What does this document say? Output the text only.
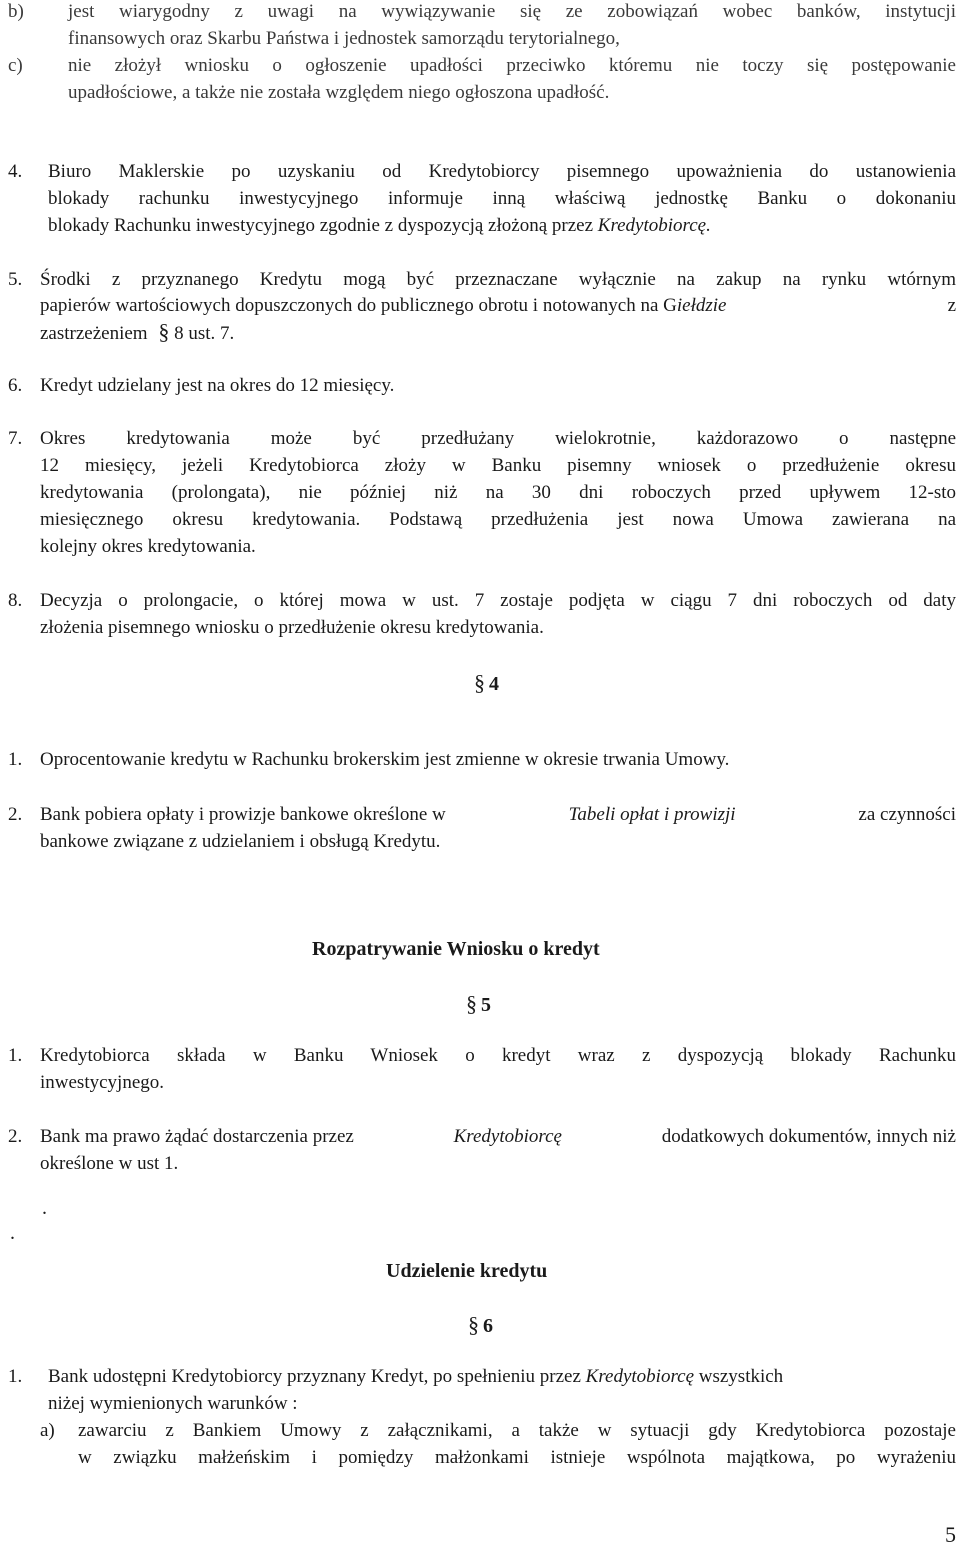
b) jest wiarygodny z uwagi na wywiązywanie się ze zobowiązań wobec banków, instytucji
finansowych oraz Skarbu Państwa i jednostek samorządu terytorialnego,
c) nie złożył wniosku o ogłoszenie upadłości przeciwko któremu nie toczy się postępowanie
upadłościowe, a także nie została względem niego ogłoszona upadłość.
4. Biuro Maklerskie po uzyskaniu od Kredytobiorcy pisemnego upoważnienia do ustanowienia
blokady rachunku inwestycyjnego informuje inną właściwą jednostkę Banku o dokonaniu
blokady Rachunku inwestycyjnego zgodnie z dyspozycją złożoną przez Kredytobiorcę.
5. Środki z przyznanego Kredytu mogą być przeznaczane wyłącznie na zakup na rynku wtórnym
papierów wartościowych dopuszczonych do publicznego obrotu i notowanych na Giełdzie	z
zastrzeżeniem § 8 ust. 7.
6. Kredyt udzielany jest na okres do 12 miesięcy.
7. Okres kredytowania może być przedłużany wielokrotnie, każdorazowo o następne
12 miesięcy, jeżeli Kredytobiorca złoży w Banku pisemny wniosek o przedłużenie okresu
kredytowania (prolongata), nie później niż na 30 dni roboczych przed upływem 12-sto
miesięcznego okresu kredytowania. Podstawą przedłużenia jest nowa Umowa zawierana na
kolejny okres kredytowania.
8. Decyzja o prolongacie, o której mowa w ust. 7 zostaje podjęta w ciągu 7 dni roboczych od daty
złożenia pisemnego wniosku o przedłużenie okresu kredytowania.
§ 4
1. Oprocentowanie kredytu w Rachunku brokerskim jest zmienne w okresie trwania Umowy.
2. Bank pobiera opłaty i prowizje bankowe określone w	Tabeli opłat i prowizji	za czynności
bankowe związane z udzielaniem i obsługą Kredytu.
Rozpatrywanie Wniosku o kredyt
§ 5
1. Kredytobiorca składa w Banku Wniosek o kredyt wraz z dyspozycją blokady Rachunku
inwestycyjnego.
2. Bank ma prawo żądać dostarczenia przez	Kredytobiorcę	dodatkowych dokumentów, innych niż
określone w ust 1.
.
.
Udzielenie kredytu
§ 6
1. Bank udostępni Kredytobiorcy przyznany Kredyt, po spełnieniu przez Kredytobiorcę wszystkich
niżej wymienionych warunków :
a) zawarciu z Bankiem Umowy z załącznikami, a także w sytuacji gdy Kredytobiorca pozostaje
w związku małżeńskim i pomiędzy małżonkami istnieje wspólnota majątkowa, po wyrażeniu
5
